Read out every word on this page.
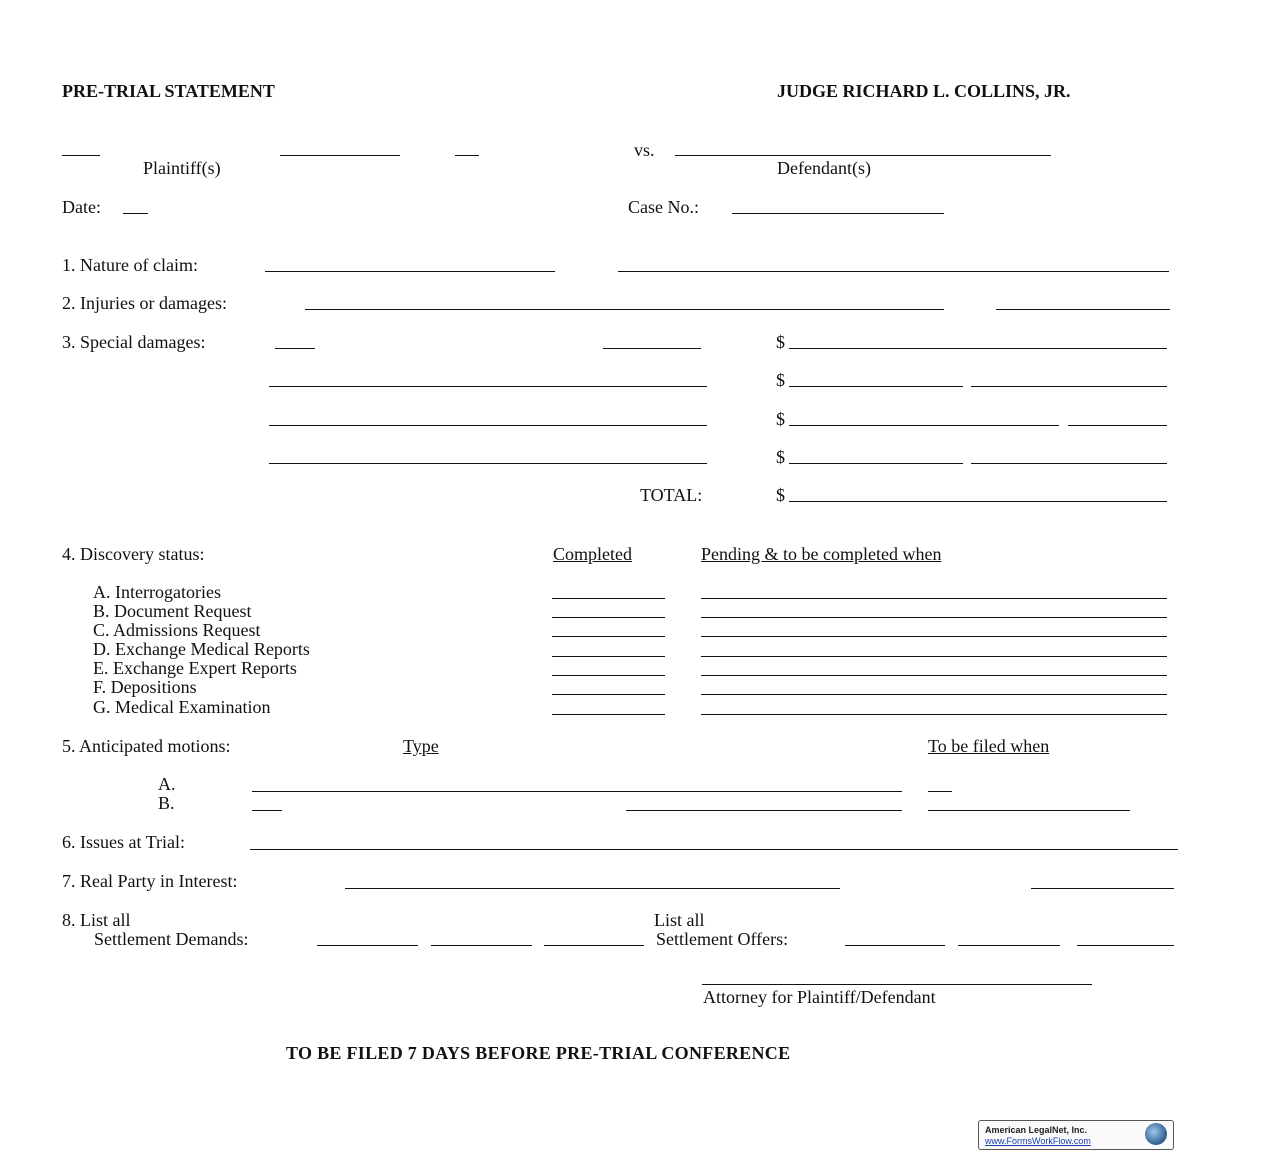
PRE-TRIAL STATEMENT	JUDGE RICHARD L. COLLINS, JR.
Plaintiff(s)
vs.
Defendant(s)
Date:	Case No.:
1. Nature of claim:
2. Injuries or damages:
3. Special damages:	$
$
$
$
TOTAL:	$
4. Discovery status:	Completed	Pending & to be completed when
A. Interrogatories
B. Document Request
C. Admissions Request
D. Exchange Medical Reports
E. Exchange Expert Reports
F. Depositions
G. Medical Examination
5. Anticipated motions:	Type	To be filed when
A.
B.
6. Issues at Trial:
7. Real Party in Interest:
8. List all
Settlement Demands:
List all
Settlement Offers:
Attorney for Plaintiff/Defendant
TO BE FILED 7 DAYS BEFORE PRE-TRIAL CONFERENCE
American LegalNet, Inc.
www.FormsWorkFlow.com
